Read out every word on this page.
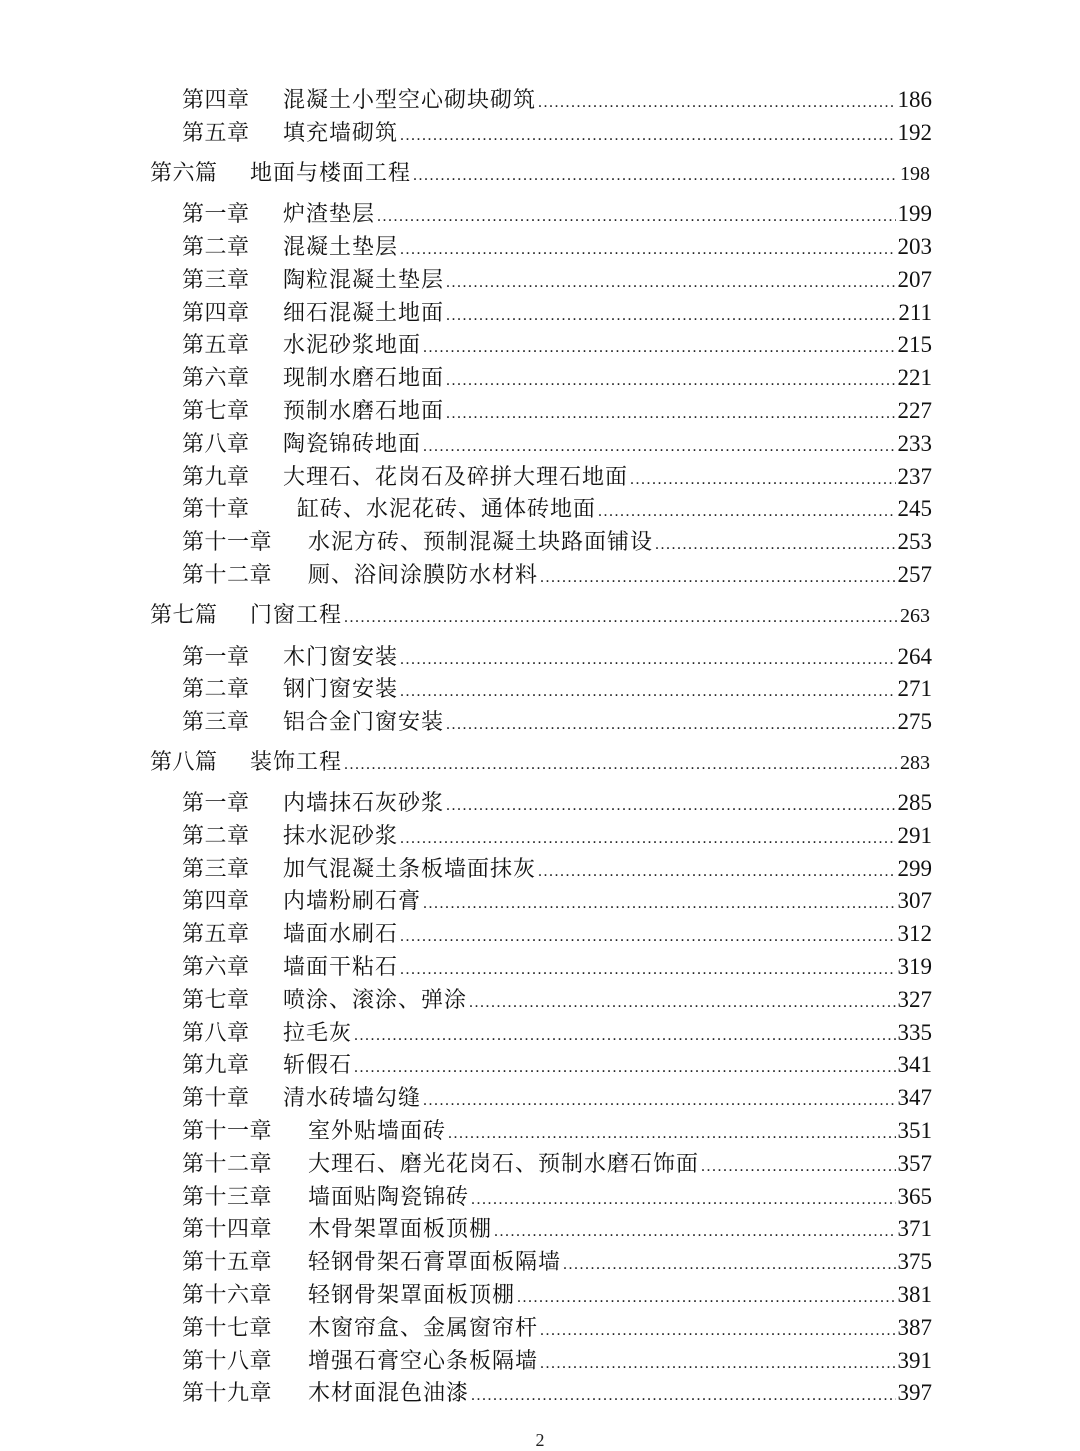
第四章	混凝土小型空心砌块砌筑 .....	186
第五章	填充墙砌筑 .....	192
第六篇	地面与楼面工程 .....	198
第一章	炉渣垫层 .....	199
第二章	混凝土垫层 .....	203
第三章	陶粒混凝土垫层 .....	207
第四章	细石混凝土地面 .....	211
第五章	水泥砂浆地面 .....	215
第六章	现制水磨石地面 .....	221
第七章	预制水磨石地面 .....	227
第八章	陶瓷锦砖地面 .....	233
第九章	大理石、花岗石及碎拼大理石地面 .....	237
第十章	缸砖、水泥花砖、通体砖地面 .....	245
第十一章	水泥方砖、预制混凝土块路面铺设 .....	253
第十二章	厕、浴间涂膜防水材料 .....	257
第七篇	门窗工程 .....	263
第一章	木门窗安装 .....	264
第二章	钢门窗安装 .....	271
第三章	铝合金门窗安装 .....	275
第八篇	装饰工程 .....	283
第一章	内墙抹石灰砂浆 .....	285
第二章	抹水泥砂浆 .....	291
第三章	加气混凝土条板墙面抹灰 .....	299
第四章	内墙粉刷石膏 .....	307
第五章	墙面水刷石 .....	312
第六章	墙面干粘石 .....	319
第七章	喷涂、滚涂、弹涂 .....	327
第八章	拉毛灰 .....	335
第九章	斩假石 .....	341
第十章	清水砖墙勾缝 .....	347
第十一章	室外贴墙面砖 .....	351
第十二章	大理石、磨光花岗石、预制水磨石饰面 .....	357
第十三章	墙面贴陶瓷锦砖 .....	365
第十四章	木骨架罩面板顶棚 .....	371
第十五章	轻钢骨架石膏罩面板隔墙 .....	375
第十六章	轻钢骨架罩面板顶棚 .....	381
第十七章	木窗帘盒、金属窗帘杆 .....	387
第十八章	增强石膏空心条板隔墙 .....	391
第十九章	木材面混色油漆 .....	397
2
